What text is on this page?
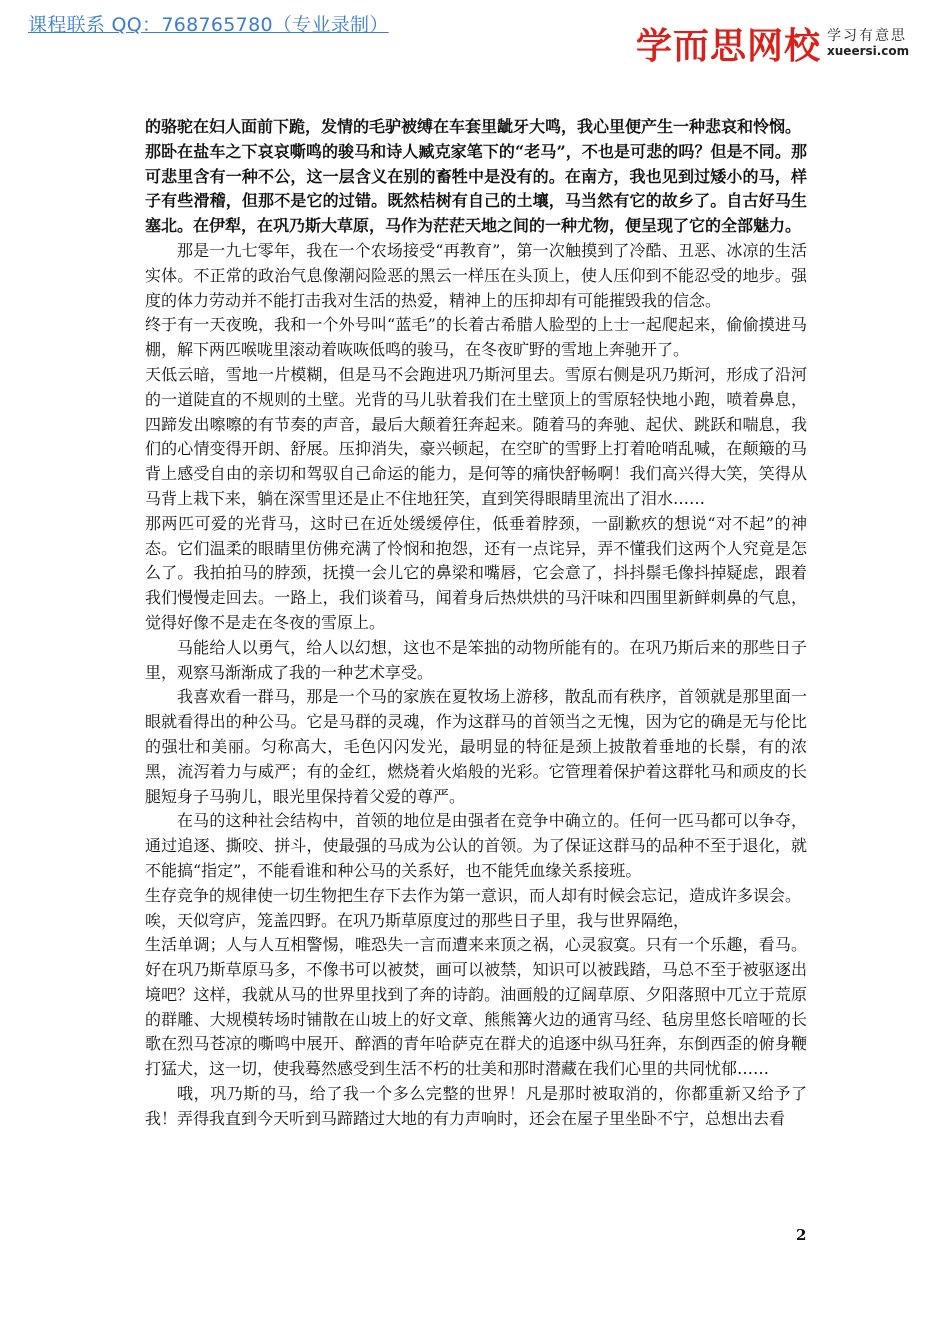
课程联系 QQ：768765780（专业录制）
学而思网校 学习有意思
xueersi.com

的骆驼在妇人面前下跪，发情的毛驴被缚在车套里龇牙大鸣，我心里便产生一种悲哀和怜悯。

那卧在盐车之下哀哀嘶鸣的骏马和诗人臧克家笔下的“老马”，不也是可悲的吗？但是不同。那可悲里含有一种不公，这一层含义在别的畜牲中是没有的。在南方，我也见到过矮小的马，样子有些滑稽，但那不是它的过错。既然桔树有自己的土壤，马当然有它的故乡了。自古好马生塞北。在伊犁，在巩乃斯大草原，马作为茫茫天地之间的一种尤物，便呈现了它的全部魅力。

那是一九七零年，我在一个农场接受“再教育”，第一次触摸到了冷酷、丑恶、冰凉的生活实体。不正常的政治气息像潮闷险恶的黑云一样压在头顶上，使人压仰到不能忍受的地步。强度的体力劳动并不能打击我对生活的热爱，精神上的压抑却有可能摧毁我的信念。

终于有一天夜晚，我和一个外号叫“蓝毛”的长着古希腊人脸型的上士一起爬起来，偷偷摸进马棚，解下两匹喉咙里滚动着咴咴低鸣的骏马，在冬夜旷野的雪地上奔驰开了。

天低云暗，雪地一片模糊，但是马不会跑进巩乃斯河里去。雪原右侧是巩乃斯河，形成了沿河的一道陡直的不规则的土壁。光背的马儿驮着我们在土壁顶上的雪原轻快地小跑，喷着鼻息，四蹄发出嚓嚓的有节奏的声音，最后大颠着狂奔起来。随着马的奔驰、起伏、跳跃和喘息，我们的心情变得开朗、舒展。压抑消失，豪兴顿起，在空旷的雪野上打着呛哨乱喊，在颠簸的马背上感受自由的亲切和驾驭自己命运的能力，是何等的痛快舒畅啊！我们高兴得大笑，笑得从马背上栽下来，躺在深雪里还是止不住地狂笑，直到笑得眼睛里流出了泪水……

那两匹可爱的光背马，这时已在近处缓缓停住，低垂着脖颈，一副歉疚的想说“对不起”的神态。它们温柔的眼睛里仿佛充满了怜悯和抱怨，还有一点诧异，弄不懂我们这两个人究竟是怎么了。我拍拍马的脖颈，抚摸一会儿它的鼻梁和嘴唇，它会意了，抖抖鬃毛像抖掉疑虑，跟着我们慢慢走回去。一路上，我们谈着马，闻着身后热烘烘的马汗味和四围里新鲜刺鼻的气息，觉得好像不是走在冬夜的雪原上。

马能给人以勇气，给人以幻想，这也不是笨拙的动物所能有的。在巩乃斯后来的那些日子里，观察马渐渐成了我的一种艺术享受。

我喜欢看一群马，那是一个马的家族在夏牧场上游移，散乱而有秩序，首领就是那里面一眼就看得出的种公马。它是马群的灵魂，作为这群马的首领当之无愧，因为它的确是无与伦比的强壮和美丽。匀称高大，毛色闪闪发光，最明显的特征是颈上披散着垂地的长鬃，有的浓黑，流泻着力与威严；有的金红，燃烧着火焰般的光彩。它管理着保护着这群牝马和顽皮的长腿短身子马驹儿，眼光里保持着父爱的尊严。

在马的这种社会结构中，首领的地位是由强者在竞争中确立的。任何一匹马都可以争夺，通过追逐、撕咬、拼斗，使最强的马成为公认的首领。为了保证这群马的品种不至于退化，就不能搞“指定”，不能看谁和种公马的关系好，也不能凭血缘关系接班。

生存竞争的规律使一切生物把生存下去作为第一意识，而人却有时候会忘记，造成许多误会。

唉，天似穹庐，笼盖四野。在巩乃斯草原度过的那些日子里，我与世界隔绝，

生活单调；人与人互相警惕，唯恐失一言而遭来来顶之祸，心灵寂寞。只有一个乐趣，看马。好在巩乃斯草原马多，不像书可以被焚，画可以被禁，知识可以被践踏，马总不至于被驱逐出境吧？这样，我就从马的世界里找到了奔的诗韵。油画般的辽阔草原、夕阳落照中兀立于荒原的群雕、大规模转场时铺散在山坡上的好文章、熊熊篝火边的通宵马经、毡房里悠长喑哑的长歌在烈马苍凉的嘶鸣中展开、醉酒的青年哈萨克在群犬的追逐中纵马狂奔，东倒西歪的俯身鞭打猛犬，这一切，使我蓦然感受到生活不朽的壮美和那时潜藏在我们心里的共同忧郁……

哦，巩乃斯的马，给了我一个多么完整的世界！凡是那时被取消的，你都重新又给予了我！弄得我直到今天听到马蹄踏过大地的有力声响时，还会在屋子里坐卧不宁，总想出去看

2
